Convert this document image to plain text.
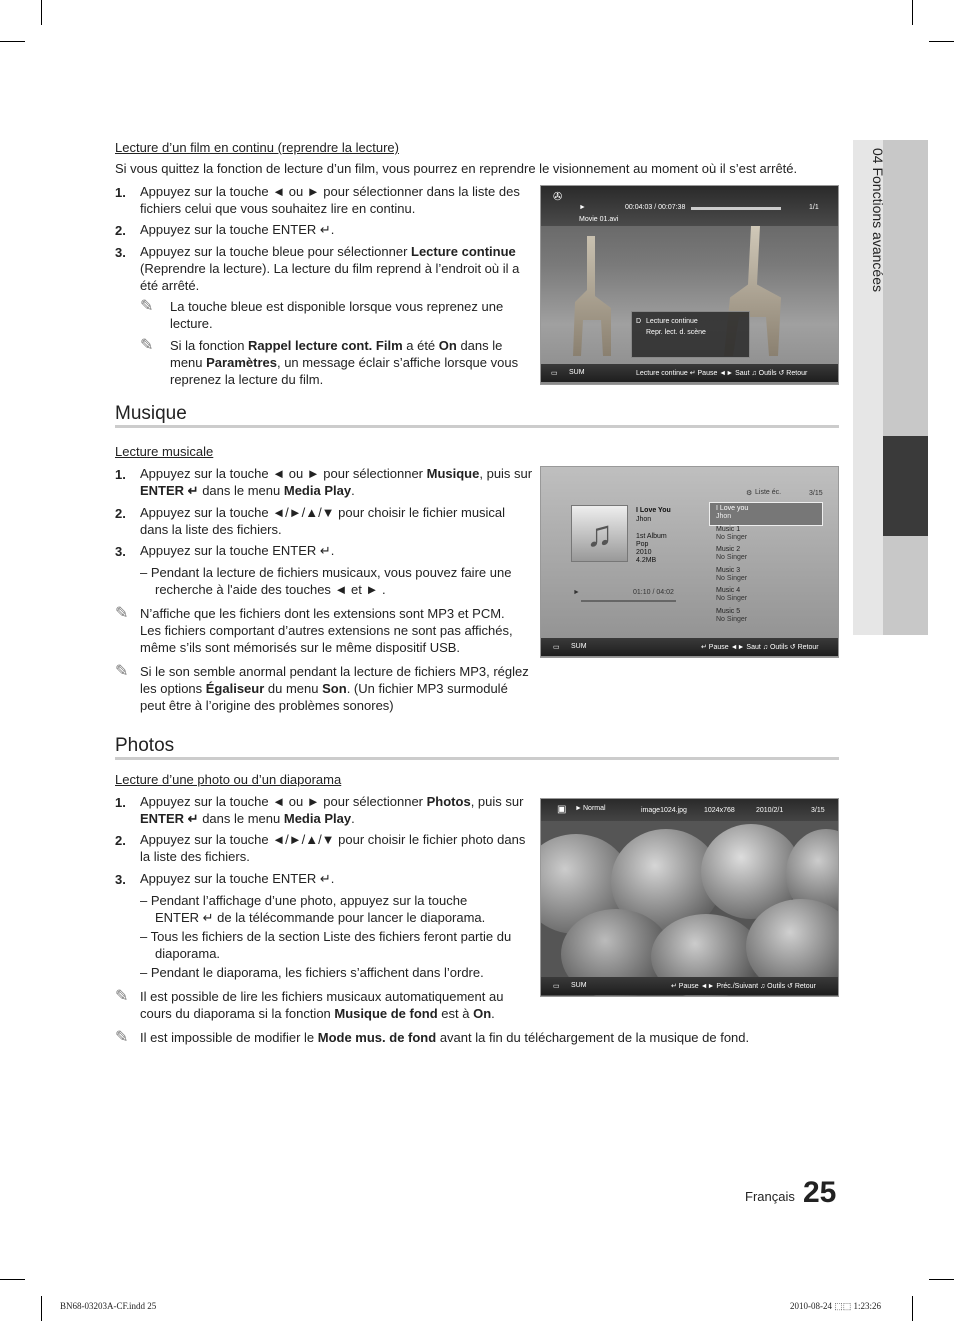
04 Fonctions avancées
Lecture d’un film en continu (reprendre la lecture)
Si vous quittez la fonction de lecture d’un film, vous pourrez en reprendre le visionnement au moment où il s’est arrêté.
1. Appuyez sur la touche ◄ ou ► pour sélectionner dans la liste des
fichiers celui que vous souhaitez lire en continu.
2. Appuyez sur la touche ENTER ↵.
3. Appuyez sur la touche bleue pour sélectionner Lecture continue
(Reprendre la lecture). La lecture du film reprend à l’endroit où il a
été arrêté.
✎ La touche bleue est disponible lorsque vous reprenez une
lecture.
✎ Si la fonction Rappel lecture cont. Film a été On dans le
menu Paramètres, un message éclair s’affiche lorsque vous
reprenez la lecture du film.
✇
►	00:04:03 / 00:07:38	1/1
Movie 01.avi
D Lecture continue
Repr. lect. d. scène
▭ SUM	Lecture continue ↵ Pause ◄► Saut ♫ Outils ↺ Retour
Musique
Lecture musicale
1. Appuyez sur la touche ◄ ou ► pour sélectionner Musique, puis sur
ENTER ↵ dans le menu Media Play.
2. Appuyez sur la touche ◄/►/▲/▼ pour choisir le fichier musical
dans la liste des fichiers.
3. Appuyez sur la touche ENTER ↵.
– Pendant la lecture de fichiers musicaux, vous pouvez faire une
recherche à l'aide des touches ◄ et ► .
✎ N’affiche que les fichiers dont les extensions sont MP3 et PCM.
Les fichiers comportant d’autres extensions ne sont pas affichés,
même s’ils sont mémorisés sur le même dispositif USB.
✎ Si le son semble anormal pendant la lecture de fichiers MP3, réglez
les options Égaliseur du menu Son. (Un fichier MP3 surmodulé
peut être à l’origine des problèmes sonores)
⚙ Liste éc.	3/15
♫
I Love You
Jhon
1st Album
Pop
2010
4.2MB
►	01:10 / 04:02
I Love you
Jhon
Music 1
No Singer
Music 2
No Singer
Music 3
No Singer
Music 4
No Singer
Music 5
No Singer
▭ SUM	↵ Pause ◄► Saut ♫ Outils ↺ Retour
Photos
Lecture d’une photo ou d’un diaporama
1. Appuyez sur la touche ◄ ou ► pour sélectionner Photos, puis sur
ENTER ↵ dans le menu Media Play.
2. Appuyez sur la touche ◄/►/▲/▼ pour choisir le fichier photo dans
la liste des fichiers.
3. Appuyez sur la touche ENTER ↵.
– Pendant l’affichage d’une photo, appuyez sur la touche
ENTER ↵ de la télécommande pour lancer le diaporama.
– Tous les fichiers de la section Liste des fichiers feront partie du
diaporama.
– Pendant le diaporama, les fichiers s’affichent dans l’ordre.
✎ Il est possible de lire les fichiers musicaux automatiquement au
cours du diaporama si la fonction Musique de fond est à On.
✎ Il est impossible de modifier le Mode mus. de fond avant la fin du téléchargement de la musique de fond.
▣ ► Normal	image1024.jpg 1024x768	2010/2/1	3/15
▭ SUM	↵ Pause ◄► Préc./Suivant ♫ Outils ↺ Retour
Français 25
BN68-03203A-CF.indd 25	2010-08-24 ⬚⬚ 1:23:26
